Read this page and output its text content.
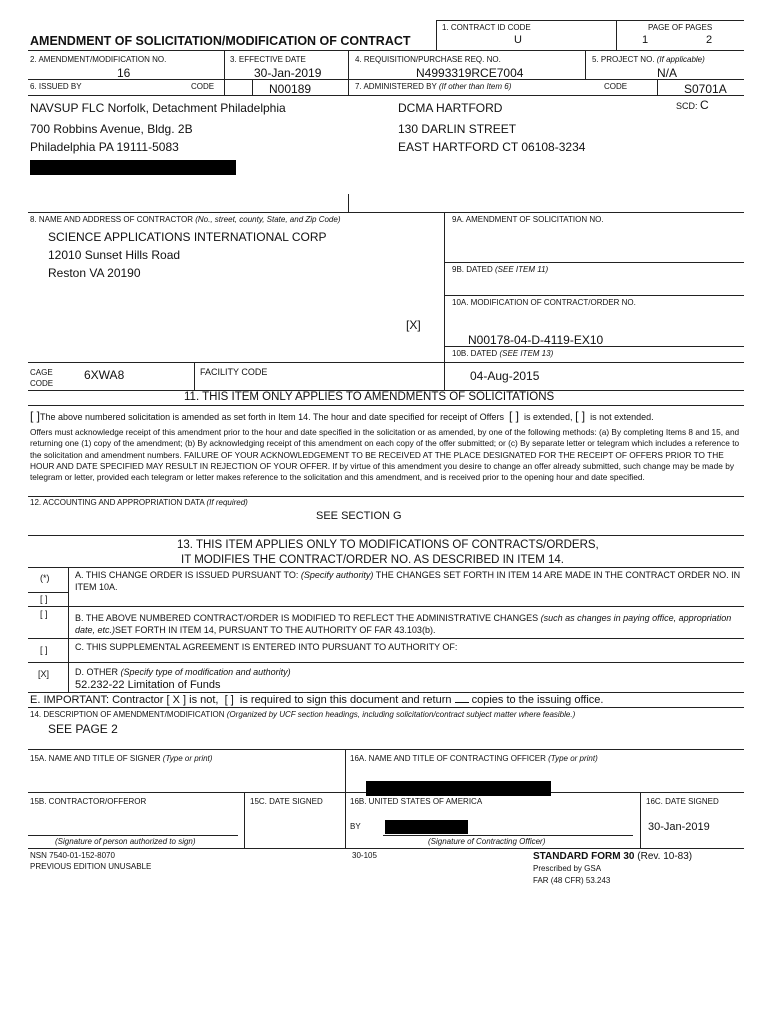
1. CONTRACT ID CODE
U
PAGE OF PAGES
1	2
AMENDMENT OF SOLICITATION/MODIFICATION OF CONTRACT
2. AMENDMENT/MODIFICATION NO.
16
3. EFFECTIVE DATE
30-Jan-2019
4. REQUISITION/PURCHASE REQ. NO.
N4993319RCE7004
5. PROJECT NO. (If applicable)
N/A
6. ISSUED BY	CODE	N00189	7. ADMINISTERED BY (If other than Item 6)	CODE	S0701A
SCD: C
NAVSUP FLC Norfolk, Detachment Philadelphia
700 Robbins Avenue, Bldg. 2B
Philadelphia PA 19111-5083
DCMA HARTFORD
130 DARLIN STREET
EAST HARTFORD CT 06108-3234
8. NAME AND ADDRESS OF CONTRACTOR (No., street, county, State, and Zip Code)
SCIENCE APPLICATIONS INTERNATIONAL CORP
12010 Sunset Hills Road
Reston VA 20190
[X]
CAGE
CODE
6XWA8	FACILITY CODE
9A. AMENDMENT OF SOLICITATION NO.
9B. DATED (SEE ITEM 11)
10A. MODIFICATION OF CONTRACT/ORDER NO.
N00178-04-D-4119-EX10
10B. DATED (SEE ITEM 13)
04-Aug-2015
11. THIS ITEM ONLY APPLIES TO AMENDMENTS OF SOLICITATIONS
[ ]The above numbered solicitation is amended as set forth in Item 14. The hour and date specified for receipt of Offers [ ] is extended, [ ] is not extended.
Offers must acknowledge receipt of this amendment prior to the hour and date specified in the solicitation or as amended, by one of the following methods: (a) By completing Items 8 and 15, and returning one (1) copy of the amendment; (b) By acknowledging receipt of this amendment on each copy of the offer submitted; or (c) By separate letter or telegram which includes a reference to the solicitation and amendment numbers. FAILURE OF YOUR ACKNOWLEDGEMENT TO BE RECEIVED AT THE PLACE DESIGNATED FOR THE RECEIPT OF OFFERS PRIOR TO THE HOUR AND DATE SPECIFIED MAY RESULT IN REJECTION OF YOUR OFFER. If by virtue of this amendment you desire to change an offer already submitted, such change may be made by telegram or letter, provided each telegram or letter makes reference to the solicitation and this amendment, and is received prior to the opening hour and date specified.
12. ACCOUNTING AND APPROPRIATION DATA (If required)
SEE SECTION G
13. THIS ITEM APPLIES ONLY TO MODIFICATIONS OF CONTRACTS/ORDERS,
IT MODIFIES THE CONTRACT/ORDER NO. AS DESCRIBED IN ITEM 14.
(*)	A. THIS CHANGE ORDER IS ISSUED PURSUANT TO: (Specify authority) THE CHANGES SET FORTH IN ITEM 14 ARE MADE IN THE CONTRACT ORDER NO. IN
ITEM 10A.
[ ]
[ ]	B. THE ABOVE NUMBERED CONTRACT/ORDER IS MODIFIED TO REFLECT THE ADMINISTRATIVE CHANGES (such as changes in paying office, appropriation
date, etc.)SET FORTH IN ITEM 14, PURSUANT TO THE AUTHORITY OF FAR 43.103(b).
[ ]	C. THIS SUPPLEMENTAL AGREEMENT IS ENTERED INTO PURSUANT TO AUTHORITY OF:
[X]	D. OTHER (Specify type of modification and authority)
52.232-22 Limitation of Funds
E. IMPORTANT: Contractor [ X ] is not, [ ] is required to sign this document and return copies to the issuing office.
14. DESCRIPTION OF AMENDMENT/MODIFICATION (Organized by UCF section headings, including solicitation/contract subject matter where feasible.)
SEE PAGE 2
15A. NAME AND TITLE OF SIGNER (Type or print)	16A. NAME AND TITLE OF CONTRACTING OFFICER (Type or print)
15B. CONTRACTOR/OFFEROR	15C. DATE SIGNED	16B. UNITED STATES OF AMERICA	16C. DATE SIGNED
BY	30-Jan-2019
(Signature of person authorized to sign)	(Signature of Contracting Officer)
NSN 7540-01-152-8070
PREVIOUS EDITION UNUSABLE
30-105	STANDARD FORM 30 (Rev. 10-83)
Prescribed by GSA
FAR (48 CFR) 53.243
